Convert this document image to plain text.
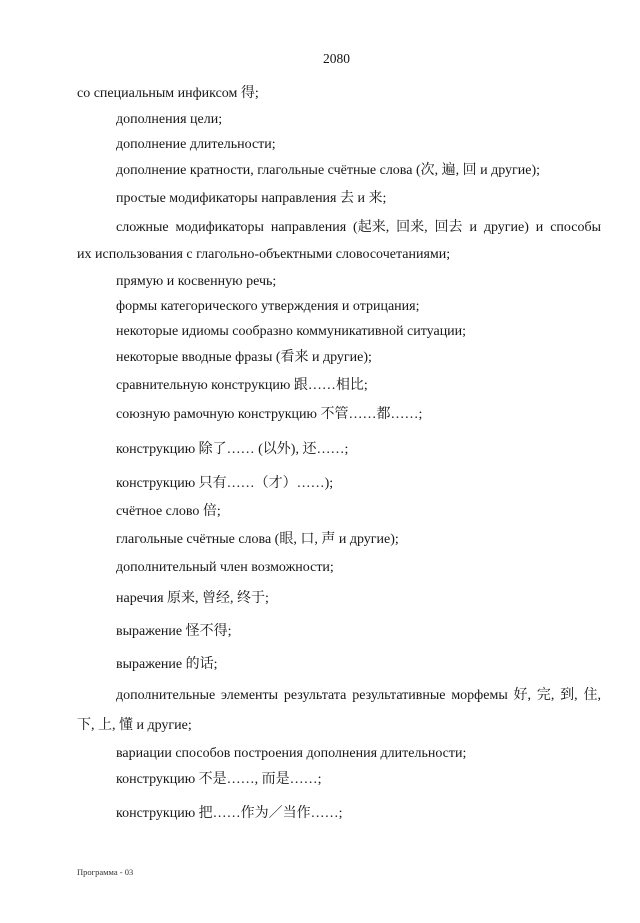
2080
со специальным инфиксом 得;
дополнения цели;
дополнение длительности;
дополнение кратности, глагольные счётные слова (次, 遍, 回 и другие);
простые модификаторы направления 去 и 来;
сложные модификаторы направления (起来, 回来, 回去 и другие) и способы
их использования с глагольно-объектными словосочетаниями;
прямую и косвенную речь;
формы категорического утверждения и отрицания;
некоторые идиомы сообразно коммуникативной ситуации;
некоторые вводные фразы (看来 и другие);
сравнительную конструкцию 跟……相比;
союзную рамочную конструкцию 不管……都……;
конструкцию 除了…… (以外), 还……;
конструкцию 只有……（才）……);
счётное слово 倍;
глагольные счётные слова (眼, 口, 声 и другие);
дополнительный член возможности;
наречия 原来, 曾经, 终于;
выражение 怪不得;
выражение 的话;
дополнительные элементы результата результативные морфемы 好, 完, 到, 住,
下, 上, 懂 и другие;
вариации способов построения дополнения длительности;
конструкцию 不是……, 而是……;
конструкцию 把……作为／当作……;
Программа - 03
